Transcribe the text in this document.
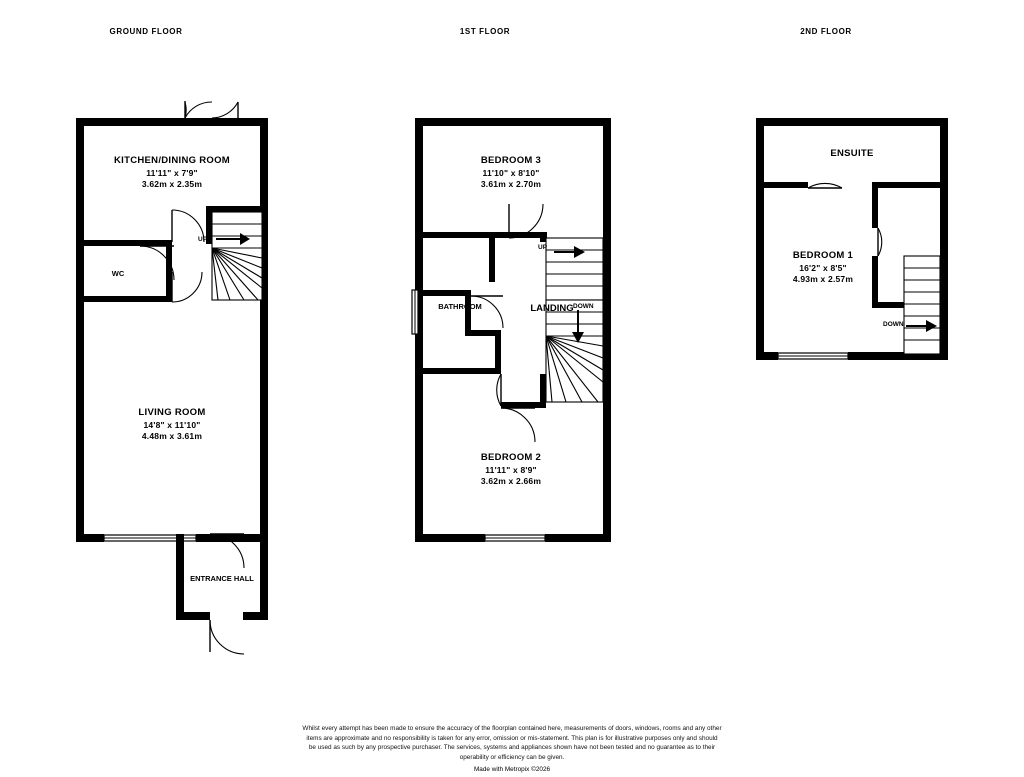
GROUND FLOOR	1ST FLOOR	2ND FLOOR
KITCHEN/DINING ROOM
11'11" x 7'9"
3.62m x 2.35m
LIVING ROOM
14'8" x 11'10"
4.48m x 3.61m
WC
ENTRANCE HALL
UP
BEDROOM 3
11'10" x 8'10"
3.61m x 2.70m
BEDROOM 2
11'11" x 8'9"
3.62m x 2.66m
BATHROOM	LANDING
UP
DOWN
ENSUITE
BEDROOM 1
16'2" x 8'5"
4.93m x 2.57m
DOWN
Whilst every attempt has been made to ensure the accuracy of the floorplan contained here, measurements of doors, windows, rooms and any other items are approximate and no responsibility is taken for any error, omission or mis-statement. This plan is for illustrative purposes only and should be used as such by any prospective purchaser. The services, systems and appliances shown have not been tested and no guarantee as to their operability or efficiency can be given.
Made with Metropix ©2026
